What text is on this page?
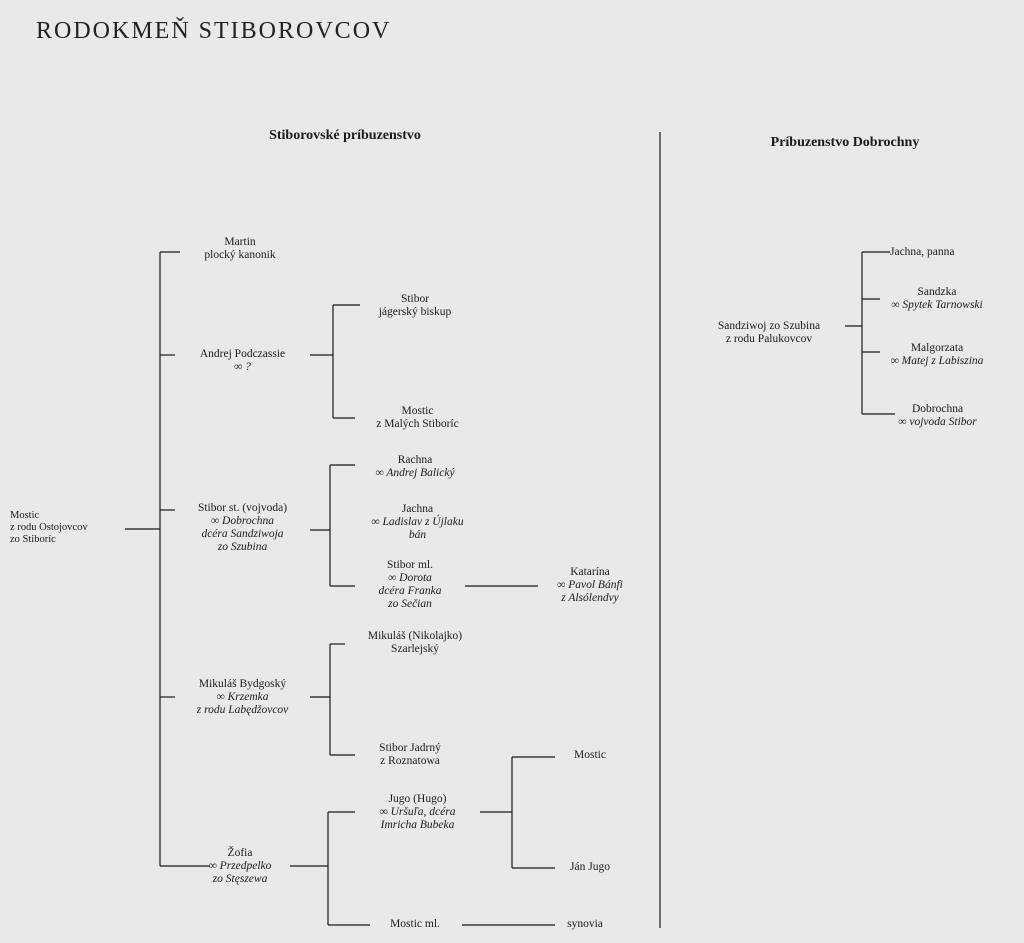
RODOKMEŇ STIBOROVCOV
Stiborovské príbuzenstvo	Príbuzenstvo Dobrochny
Mostic
z rodu Ostojovcov
zo Stiboríc
Martin
plocký kanonik
Andrej Podczassie
∞ ?
Stibor
jágerský biskup
Mostic
z Malých Stiboríc
Stibor st. (vojvoda)
∞ Dobrochna
dcéra Sandziwoja
zo Szubina
Rachna
∞ Andrej Balický
Jachna
∞ Ladislav z Újlaku
bán
Stibor ml.
∞ Dorota
dcéra Franka
zo Sečian
Katarína
∞ Pavol Bánfi
z Alsólendvy
Mikuláš (Nikolajko)
Szarlejský
Mikuláš Bydgoský
∞ Krzemka
z rodu Labędžovcov
Stibor Jadrný
z Roznatowa
Jugo (Hugo)
∞ Uršuľa, dcéra
Imricha Bubeka
Mostic
Ján Jugo
Žofia
∞ Przedpelko
zo Stęszewa
Mostic ml.	synovia
Sandziwoj zo Szubina
z rodu Palukovcov
Jachna, panna
Sandzka
∞ Spytek Tarnowski
Malgorzata
∞ Matej z Labiszina
Dobrochna
∞ vojvoda Stibor
